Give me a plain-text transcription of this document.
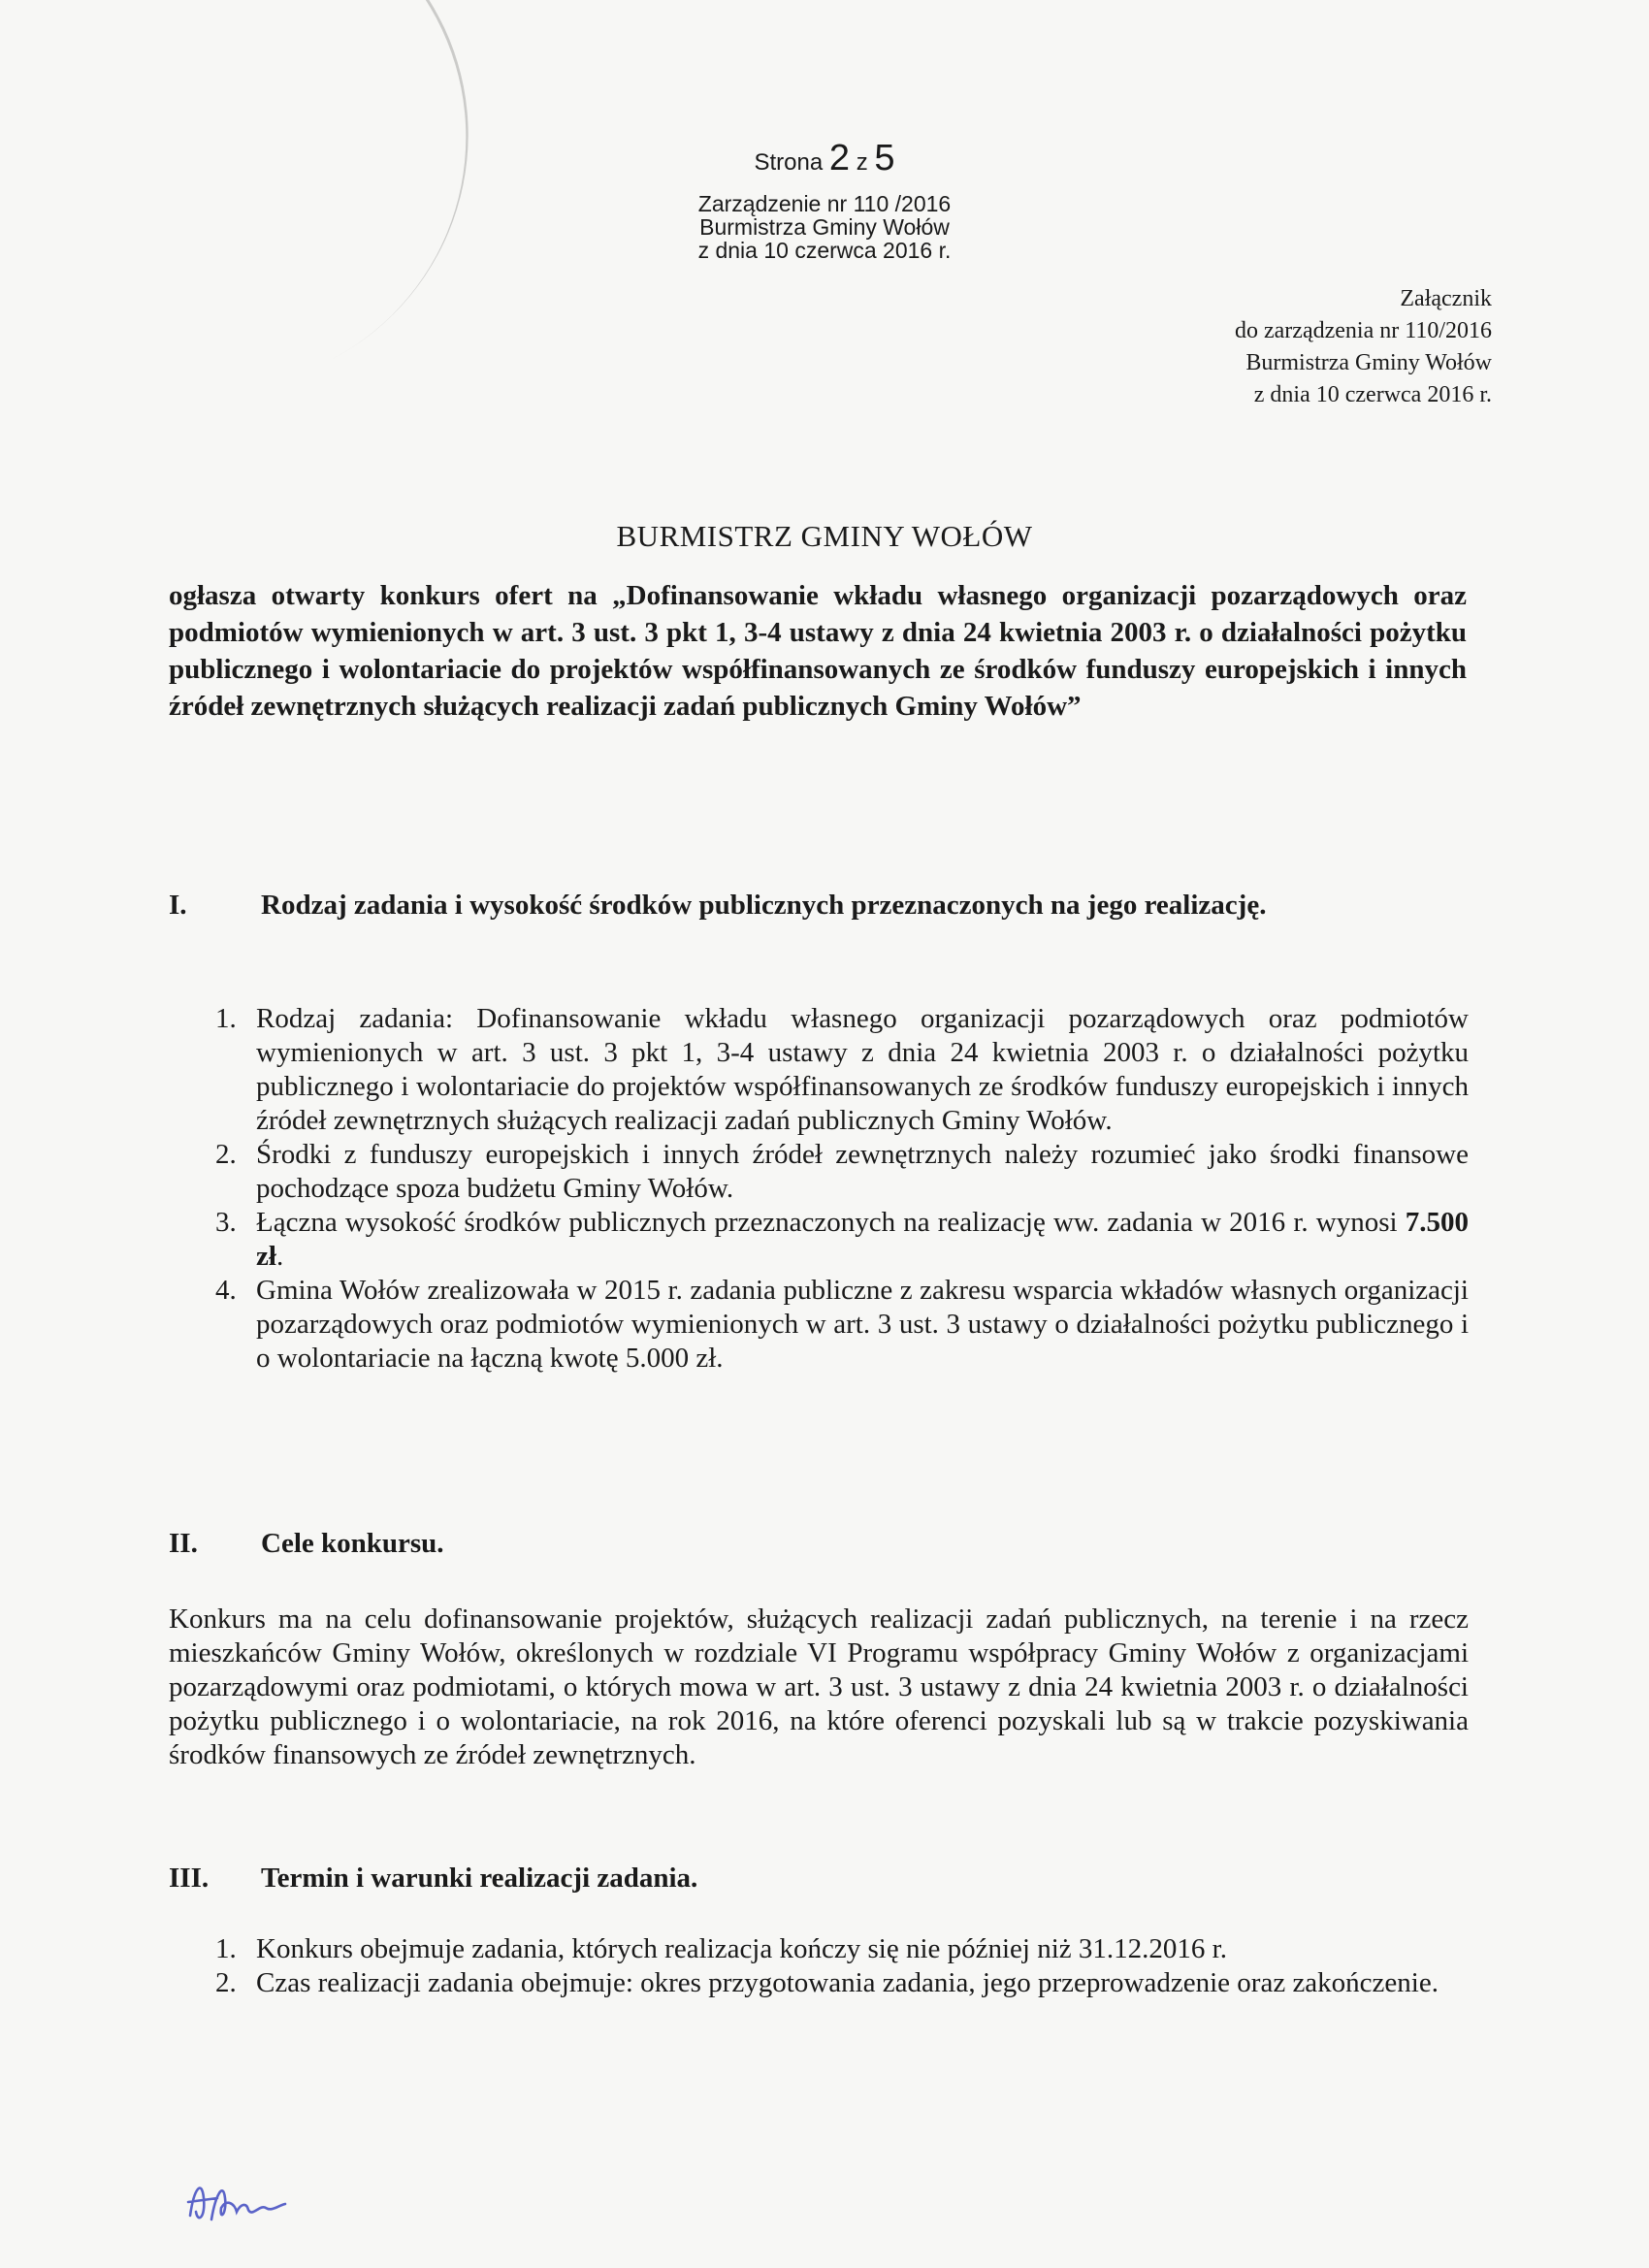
Strona 2 z 5
Zarządzenie nr 110 /2016
Burmistrza Gminy Wołów
z dnia 10 czerwca 2016 r.
Załącznik
do zarządzenia nr 110/2016
Burmistrza Gminy Wołów
z dnia 10 czerwca 2016 r.
BURMISTRZ GMINY WOŁÓW
ogłasza otwarty konkurs ofert na „Dofinansowanie wkładu własnego organizacji pozarządowych oraz podmiotów wymienionych w art. 3 ust. 3 pkt 1, 3-4 ustawy z dnia 24 kwietnia 2003 r. o działalności pożytku publicznego i wolontariacie do projektów współfinansowanych ze środków funduszy europejskich i innych źródeł zewnętrznych służących realizacji zadań publicznych Gminy Wołów”
I.	Rodzaj zadania i wysokość środków publicznych przeznaczonych na jego realizację.
1. Rodzaj zadania: Dofinansowanie wkładu własnego organizacji pozarządowych oraz podmiotów wymienionych w art. 3 ust. 3 pkt 1, 3-4 ustawy z dnia 24 kwietnia 2003 r. o działalności pożytku publicznego i wolontariacie do projektów współfinansowanych ze środków funduszy europejskich i innych źródeł zewnętrznych służących realizacji zadań publicznych Gminy Wołów.
2. Środki z funduszy europejskich i innych źródeł zewnętrznych należy rozumieć jako środki finansowe pochodzące spoza budżetu Gminy Wołów.
3. Łączna wysokość środków publicznych przeznaczonych na realizację ww. zadania w 2016 r. wynosi 7.500 zł.
4. Gmina Wołów zrealizowała w 2015 r. zadania publiczne z zakresu wsparcia wkładów własnych organizacji pozarządowych oraz podmiotów wymienionych w art. 3 ust. 3 ustawy o działalności pożytku publicznego i o wolontariacie na łączną kwotę 5.000 zł.
II. Cele konkursu.
Konkurs ma na celu dofinansowanie projektów, służących realizacji zadań publicznych, na terenie i na rzecz mieszkańców Gminy Wołów, określonych w rozdziale VI Programu współpracy Gminy Wołów z organizacjami pozarządowymi oraz podmiotami, o których mowa w art. 3 ust. 3 ustawy z dnia 24 kwietnia 2003 r. o działalności pożytku publicznego i o wolontariacie, na rok 2016, na które oferenci pozyskali lub są w trakcie pozyskiwania środków finansowych ze źródeł zewnętrznych.
III. Termin i warunki realizacji zadania.
1. Konkurs obejmuje zadania, których realizacja kończy się nie później niż 31.12.2016 r.
2. Czas realizacji zadania obejmuje: okres przygotowania zadania, jego przeprowadzenie oraz zakończenie.
